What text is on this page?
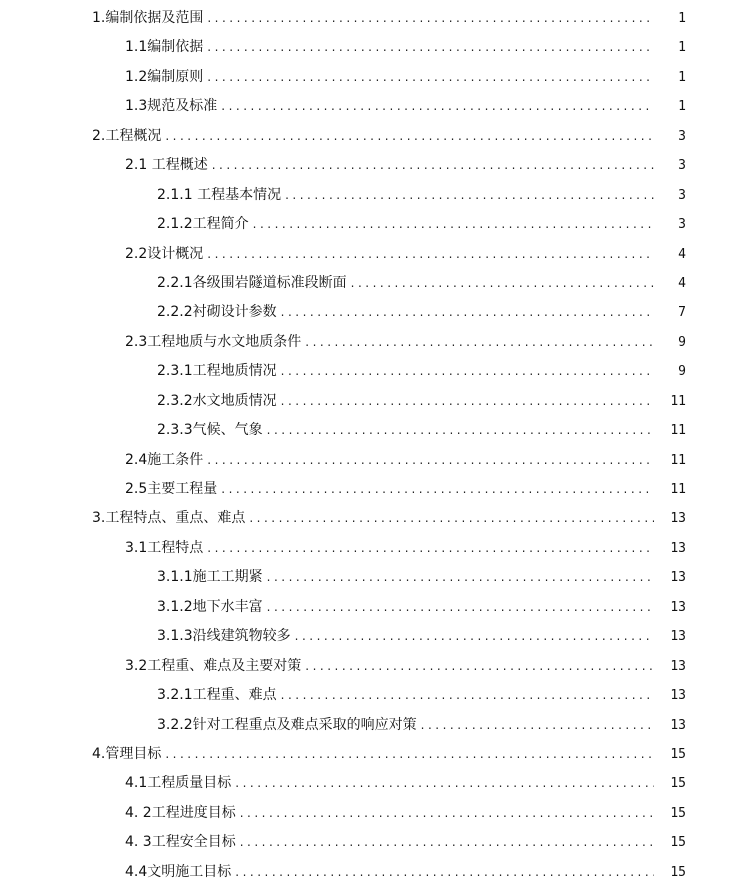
1.编制依据及范围 .....	1
1.1编制依据 .....	1
1.2编制原则 .....	1
1.3规范及标准 .....	1
2.工程概况 .....	3
2.1 工程概述 .....	3
2.1.1 工程基本情况 .....	3
2.1.2工程简介 .....	3
2.2设计概况 .....	4
2.2.1各级围岩隧道标准段断面 .....	4
2.2.2衬砌设计参数 .....	7
2.3工程地质与水文地质条件 .....	9
2.3.1工程地质情况 .....	9
2.3.2水文地质情况 .....	11
2.3.3气候、气象 .....	11
2.4施工条件 .....	11
2.5主要工程量 .....	11
3.工程特点、重点、难点 .....	13
3.1工程特点 .....	13
3.1.1施工工期紧 .....	13
3.1.2地下水丰富 .....	13
3.1.3沿线建筑物较多 .....	13
3.2工程重、难点及主要对策 .....	13
3.2.1工程重、难点 .....	13
3.2.2针对工程重点及难点采取的响应对策 .....	13
4.管理目标 .....	15
4.1工程质量目标 .....	15
4. 2工程进度目标 .....	15
4. 3工程安全目标 .....	15
4.4文明施工目标 .....	15
